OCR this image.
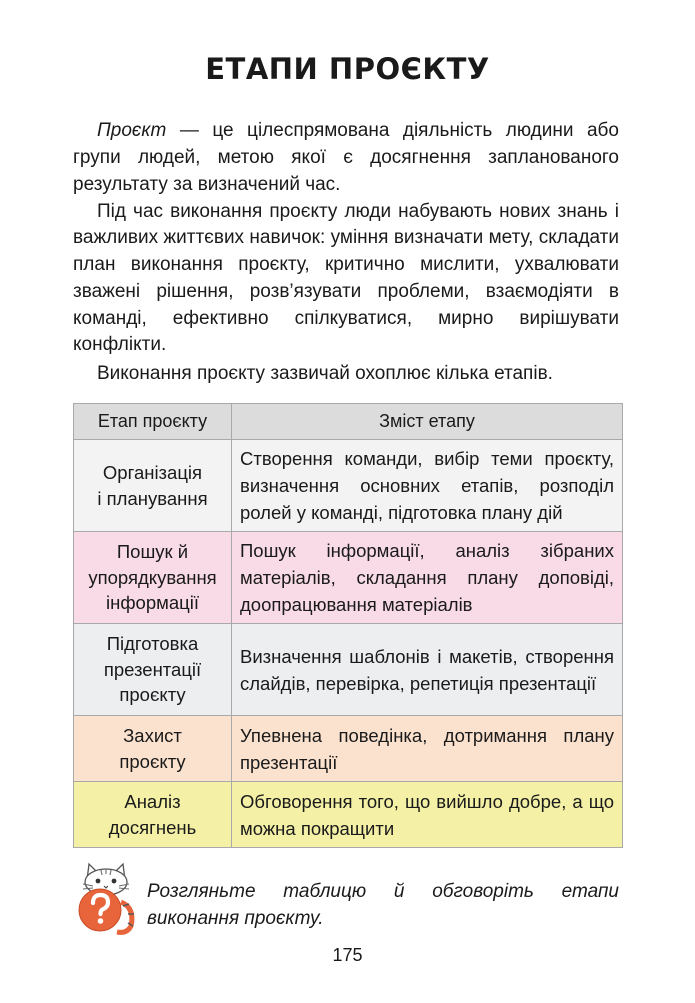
ЕТАПИ ПРОЄКТУ

Проєкт — це цілеспрямована діяльність людини або групи людей, метою якої є досягнення запланованого результату за визначений час.

Під час виконання проєкту люди набувають нових знань і важливих життєвих навичок: уміння визначати мету, складати план виконання проєкту, критично мислити, ухвалювати зважені рішення, розв’язувати проблеми, взаємодіяти в команді, ефективно спілкуватися, мирно вирішувати конфлікти.

Виконання проєкту зазвичай охоплює кілька етапів.

Етап проєкту	Зміст етапу
Організація
і планування	Створення команди, вибір теми проєкту, визначення основних етапів, розподіл ролей у команді, підготовка плану дій
Пошук й
упорядкування
інформації	Пошук інформації, аналіз зібраних матеріалів, складання плану доповіді, доопрацювання матеріалів
Підготовка
презентації
проєкту	Визначення шаблонів і макетів, створення слайдів, перевірка, репетиція презентації
Захист
проєкту	Упевнена поведінка, дотримання плану презентації
Аналіз
досягнень	Обговорення того, що вийшло добре, а що можна покращити

Розгляньте таблицю й обговоріть етапи виконання проєкту.

175
